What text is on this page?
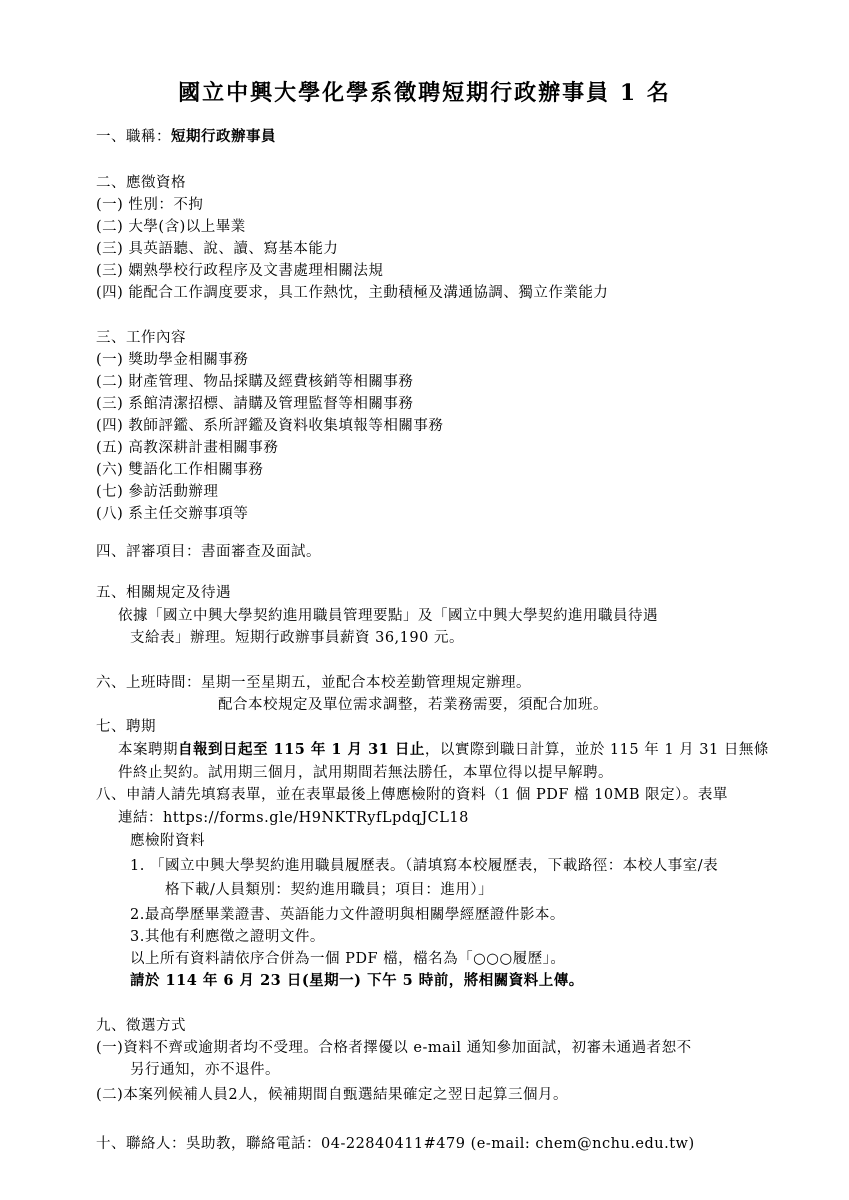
國立中興大學化學系徵聘短期行政辦事員 1 名
一、職稱：短期行政辦事員
二、應徵資格
(一) 性別：不拘
(二) 大學(含)以上畢業
(三) 具英語聽、說、讀、寫基本能力
(三) 嫻熟學校行政程序及文書處理相關法規
(四) 能配合工作調度要求，具工作熱忱，主動積極及溝通協調、獨立作業能力
三、工作內容
(一) 獎助學金相關事務
(二) 財產管理、物品採購及經費核銷等相關事務
(三) 系館清潔招標、請購及管理監督等相關事務
(四) 教師評鑑、系所評鑑及資料收集填報等相關事務
(五) 高教深耕計畫相關事務
(六) 雙語化工作相關事務
(七) 參訪活動辦理
(八) 系主任交辦事項等
四、評審項目：書面審查及面試。
五、相關規定及待遇
依據「國立中興大學契約進用職員管理要點」及「國立中興大學契約進用職員待遇
支給表」辦理。短期行政辦事員薪資 36,190 元。
六、上班時間：星期一至星期五，並配合本校差勤管理規定辦理。
配合本校規定及單位需求調整，若業務需要，須配合加班。
七、聘期
本案聘期自報到日起至 115 年 1 月 31 日止，以實際到職日計算，並於 115 年 1 月 31 日無條
件終止契約。試用期三個月，試用期間若無法勝任，本單位得以提早解聘。
八、申請人請先填寫表單，並在表單最後上傳應檢附的資料（1 個 PDF 檔 10MB 限定）。表單
連結：https://forms.gle/H9NKTRyfLpdqJCL18
應檢附資料
1. 「國立中興大學契約進用職員履歷表。（請填寫本校履歷表，下載路徑：本校人事室/表
格下載/人員類別：契約進用職員；項目：進用）」
2.最高學歷畢業證書、英語能力文件證明與相關學經歷證件影本。
3.其他有利應徵之證明文件。
以上所有資料請依序合併為一個 PDF 檔，檔名為「○○○履歷」。
請於 114 年 6 月 23 日(星期一) 下午 5 時前，將相關資料上傳。
九、徵選方式
(一)資料不齊或逾期者均不受理。合格者擇優以 e-mail 通知參加面試，初審未通過者恕不
另行通知，亦不退件。
(二)本案列候補人員2人，候補期間自甄選結果確定之翌日起算三個月。
十、聯絡人：吳助教，聯絡電話：04-22840411#479 (e-mail: chem@nchu.edu.tw)
